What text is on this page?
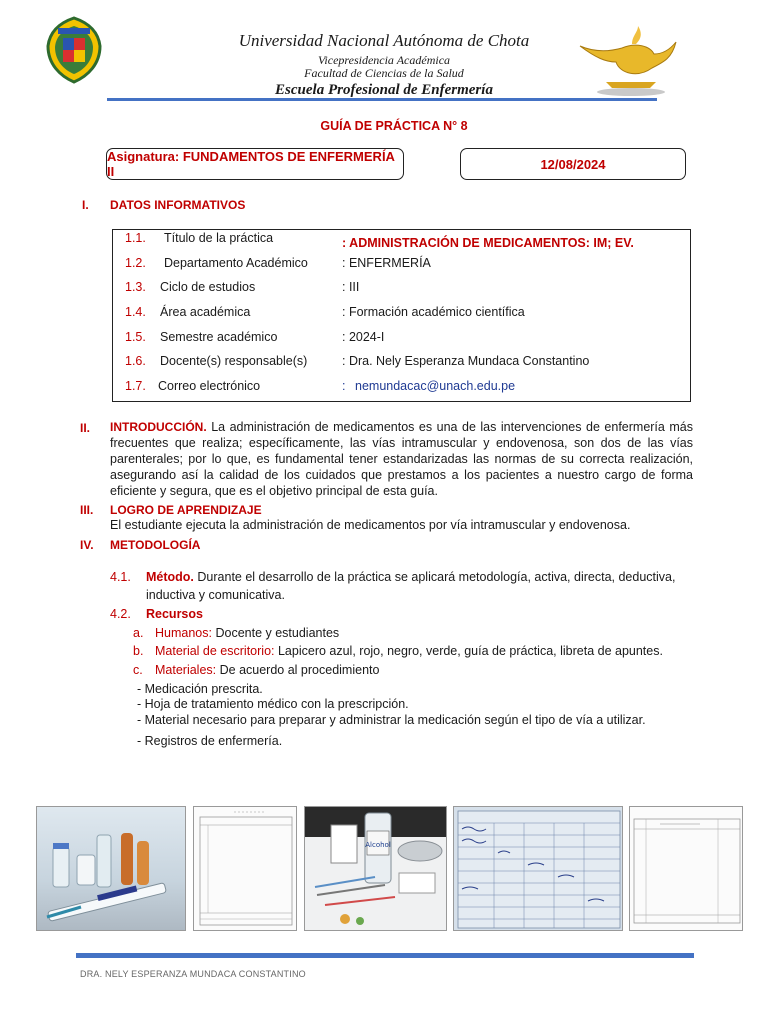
Universidad Nacional Autónoma de Chota
Vicepresidencia Académica
Facultad de Ciencias de la Salud
Escuela Profesional de Enfermería
GUÍA DE PRÁCTICA N° 8
Asignatura: FUNDAMENTOS DE ENFERMERÍA II	12/08/2024
I. DATOS INFORMATIVOS
1.1. Título de la práctica	: ADMINISTRACIÓN DE MEDICAMENTOS: IM; EV.
1.2. Departamento Académico	: ENFERMERÍA
1.3. Ciclo de estudios	: III
1.4. Área académica	: Formación académico científica
1.5. Semestre académico	: 2024-I
1.6. Docente(s) responsable(s)	: Dra. Nely Esperanza Mundaca Constantino
1.7. Correo electrónico	: nemundacac@unach.edu.pe
II. INTRODUCCIÓN. La administración de medicamentos es una de las intervenciones de enfermería más frecuentes que realiza; específicamente, las vías intramuscular y endovenosa, son dos de las vías parenterales; por lo que, es fundamental tener estandarizadas las normas de su correcta realización, asegurando así la calidad de los cuidados que prestamos a los pacientes a nuestro cargo de forma eficiente y segura, que es el objetivo principal de esta guía.
III. LOGRO DE APRENDIZAJE
El estudiante ejecuta la administración de medicamentos por vía intramuscular y endovenosa.
IV. METODOLOGÍA
4.1. Método. Durante el desarrollo de la práctica se aplicará metodología, activa, directa, deductiva,
inductiva y comunicativa.
4.2. Recursos
a. Humanos: Docente y estudiantes
b. Material de escritorio: Lapicero azul, rojo, negro, verde, guía de práctica, libreta de apuntes.
c. Materiales: De acuerdo al procedimiento
- Medicación prescrita.
- Hoja de tratamiento médico con la prescripción.
- Material necesario para preparar y administrar la medicación según el tipo de vía a utilizar.
- Registros de enfermería.
Alcohol
DRA. NELY ESPERANZA MUNDACA CONSTANTINO
